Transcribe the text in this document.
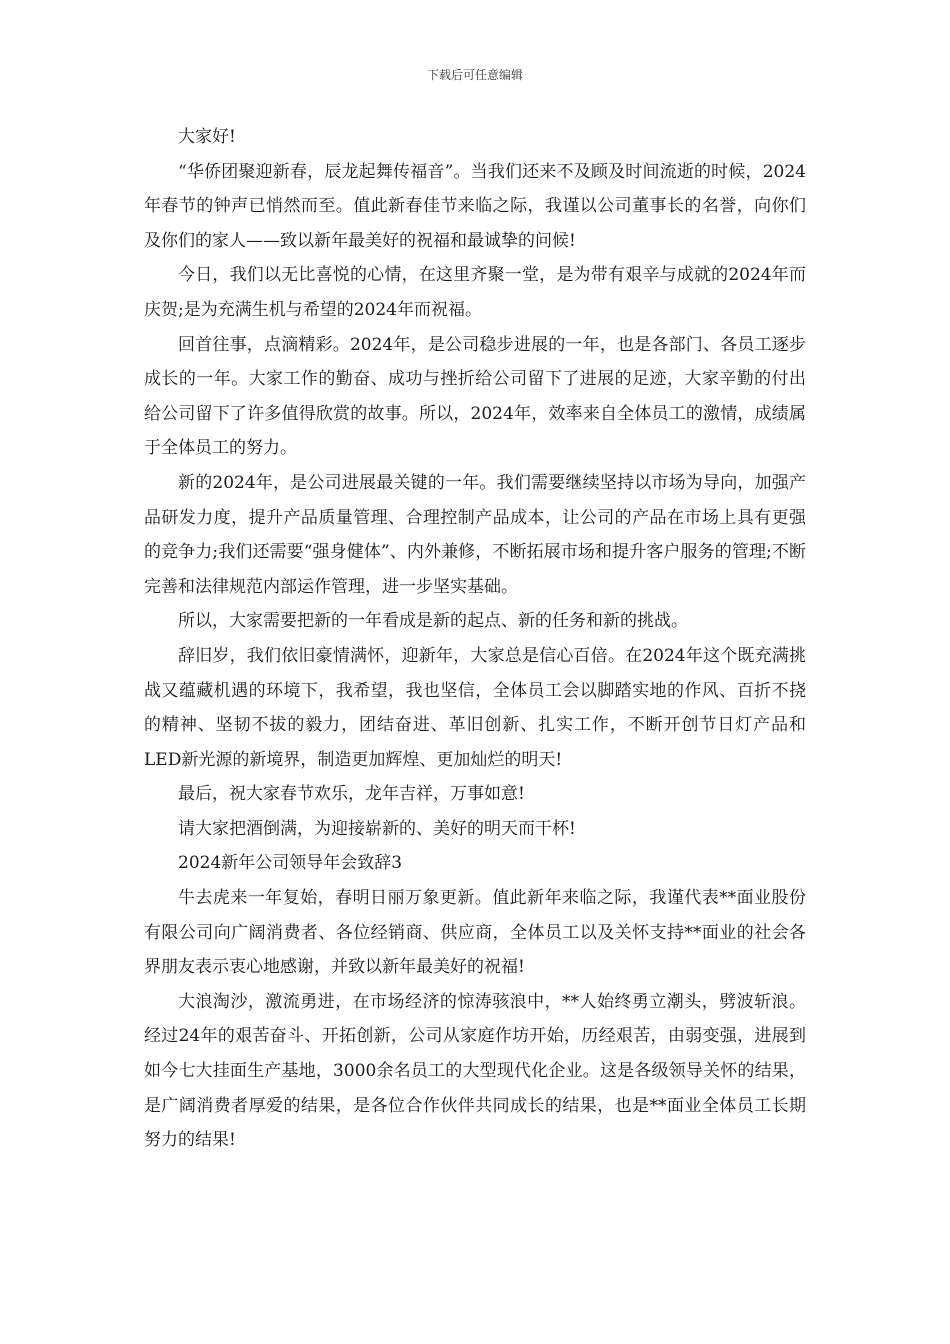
下载后可任意编辑

大家好!

“华侨团聚迎新春，辰龙起舞传福音”。当我们还来不及顾及时间流逝的时候，2024年春节的钟声已悄然而至。值此新春佳节来临之际，我谨以公司董事长的名誉，向你们及你们的家人——致以新年最美好的祝福和最诚挚的问候!

今日，我们以无比喜悦的心情，在这里齐聚一堂，是为带有艰辛与成就的2024年而庆贺;是为充满生机与希望的2024年而祝福。

回首往事，点滴精彩。2024年，是公司稳步进展的一年，也是各部门、各员工逐步成长的一年。大家工作的勤奋、成功与挫折给公司留下了进展的足迹，大家辛勤的付出给公司留下了许多值得欣赏的故事。所以，2024年，效率来自全体员工的激情，成绩属于全体员工的努力。

新的2024年，是公司进展最关键的一年。我们需要继续坚持以市场为导向，加强产品研发力度，提升产品质量管理、合理控制产品成本，让公司的产品在市场上具有更强的竞争力;我们还需要“强身健体”、内外兼修，不断拓展市场和提升客户服务的管理;不断完善和法律规范内部运作管理，进一步坚实基础。

所以，大家需要把新的一年看成是新的起点、新的任务和新的挑战。

辞旧岁，我们依旧豪情满怀，迎新年，大家总是信心百倍。在2024年这个既充满挑战又蕴藏机遇的环境下，我希望，我也坚信，全体员工会以脚踏实地的作风、百折不挠的精神、坚韧不拔的毅力，团结奋进、革旧创新、扎实工作，不断开创节日灯产品和LED新光源的新境界，制造更加辉煌、更加灿烂的明天!

最后，祝大家春节欢乐，龙年吉祥，万事如意!

请大家把酒倒满，为迎接崭新的、美好的明天而干杯!

2024新年公司领导年会致辞3

牛去虎来一年复始，春明日丽万象更新。值此新年来临之际，我谨代表**面业股份有限公司向广阔消费者、各位经销商、供应商，全体员工以及关怀支持**面业的社会各界朋友表示衷心地感谢，并致以新年最美好的祝福!

大浪淘沙，激流勇进，在市场经济的惊涛骇浪中，**人始终勇立潮头，劈波斩浪。经过24年的艰苦奋斗、开拓创新，公司从家庭作坊开始，历经艰苦，由弱变强，进展到如今七大挂面生产基地，3000余名员工的大型现代化企业。这是各级领导关怀的结果，是广阔消费者厚爱的结果，是各位合作伙伴共同成长的结果，也是**面业全体员工长期努力的结果!
